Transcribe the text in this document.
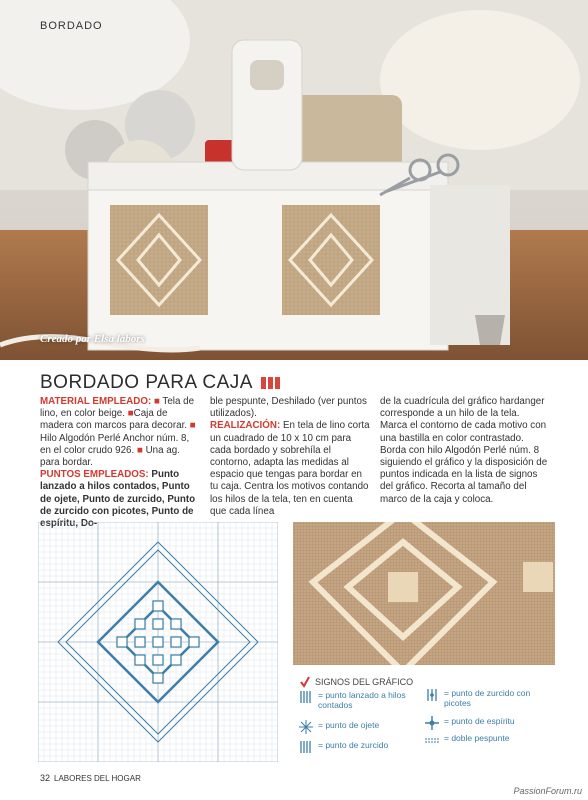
BORDADO
Creado por Elsa labors
BORDADO PARA CAJA

MATERIAL EMPLEADO: ■ Tela de lino, en color beige. ■Caja de madera con marcos para decorar. ■ Hilo Algodón Perlé Anchor núm. 8, en el color crudo 926. ■ Una ag. para bordar.

PUNTOS EMPLEADOS: Punto lanzado a hilos contados, Punto de ojete, Punto de zurcido, Punto de zurcido con picotes, Punto de espíritu, Do-

ble pespunte, Deshilado (ver puntos utilizados).

REALIZACIÓN: En tela de lino corta un cuadrado de 10 x 10 cm para cada bordado y sobrehíla el contorno, adapta las medidas al espacio que tengas para bordar en tu caja. Centra los motivos contando los hilos de la tela, ten en cuenta que cada línea

de la cuadrícula del gráfico hardanger corresponde a un hilo de la tela. Marca el contorno de cada motivo con una bastilla en color contrastado. Borda con hilo Algodón Perlé núm. 8 siguiendo el gráfico y la disposición de puntos indicada en la lista de signos del gráfico. Recorta al tamaño del marco de la caja y coloca.

SIGNOS DEL GRÁFICO
= punto lanzado a hilos contados
= punto de ojete
= punto de zurcido
= punto de zurcido con picotes
= punto de espíritu
= doble pespunte
32 LABORES DEL HOGAR
PassionForum.ru
